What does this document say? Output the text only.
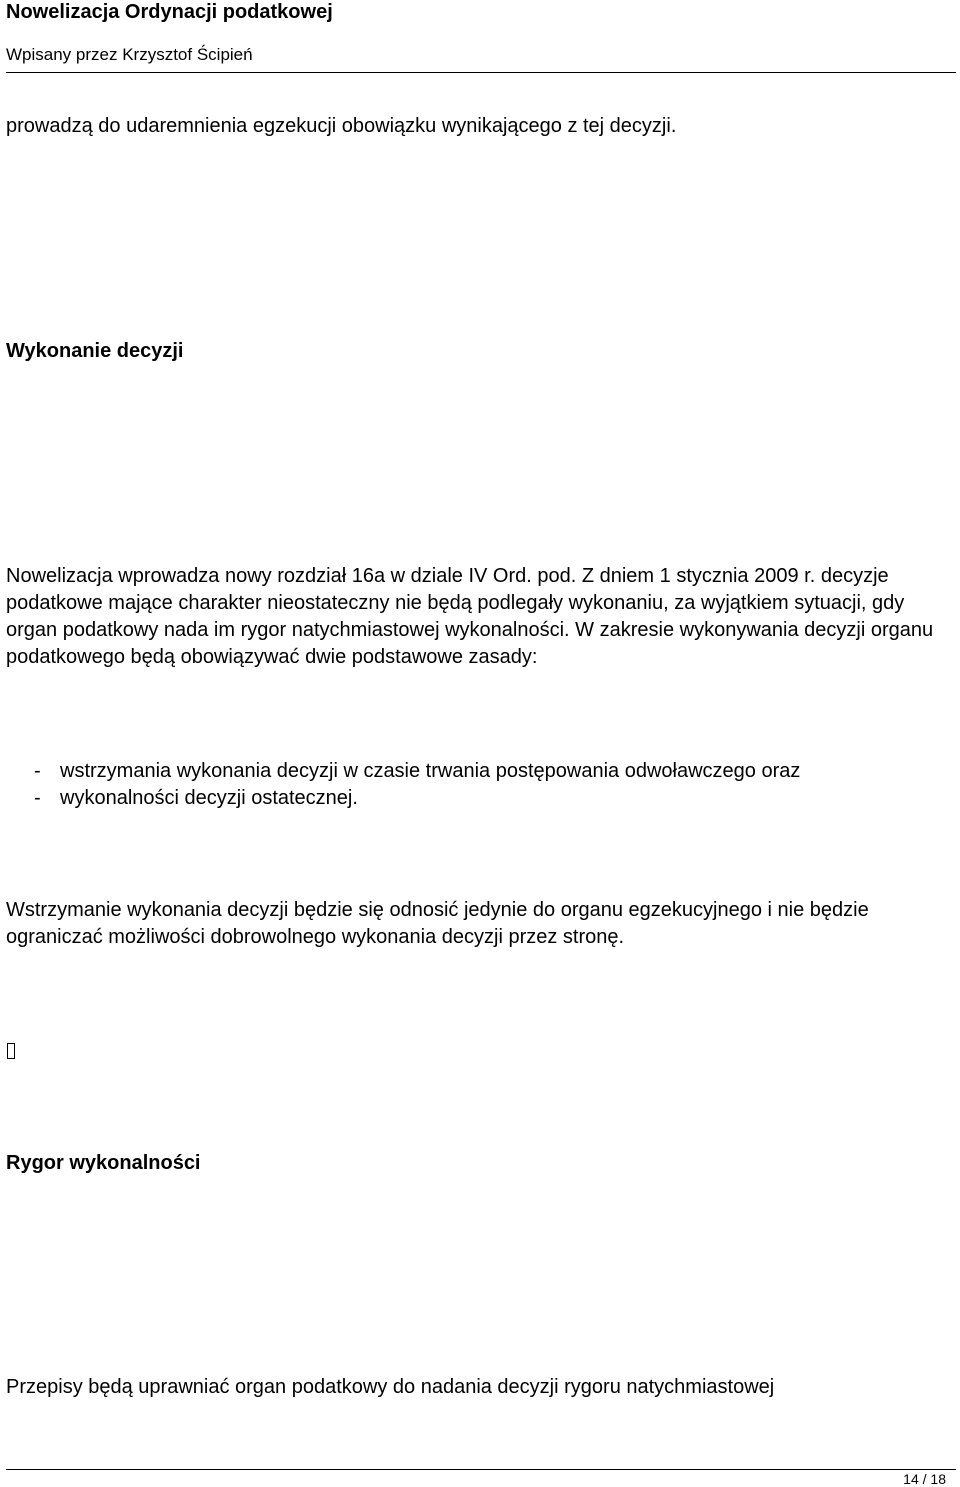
Nowelizacja Ordynacji podatkowej
Wpisany przez Krzysztof Ścipień
prowadzą do udaremnienia egzekucji obowiązku wynikającego z tej decyzji.
Wykonanie decyzji
Nowelizacja wprowadza nowy rozdział 16a w dziale IV Ord. pod. Z dniem 1 stycznia 2009 r. decyzje podatkowe mające charakter nieostateczny nie będą podlegały wykonaniu, za wyjątkiem sytuacji, gdy organ podatkowy nada im rygor natychmiastowej wykonalności. W zakresie wykonywania decyzji organu podatkowego będą obowiązywać dwie podstawowe zasady:
- wstrzymania wykonania decyzji w czasie trwania postępowania odwoławczego oraz
- wykonalności decyzji ostatecznej.
Wstrzymanie wykonania decyzji będzie się odnosić jedynie do organu egzekucyjnego i nie będzie ograniczać możliwości dobrowolnego wykonania decyzji przez stronę.
Rygor wykonalności
Przepisy będą uprawniać organ podatkowy do nadania decyzji rygoru natychmiastowej
14 / 18
